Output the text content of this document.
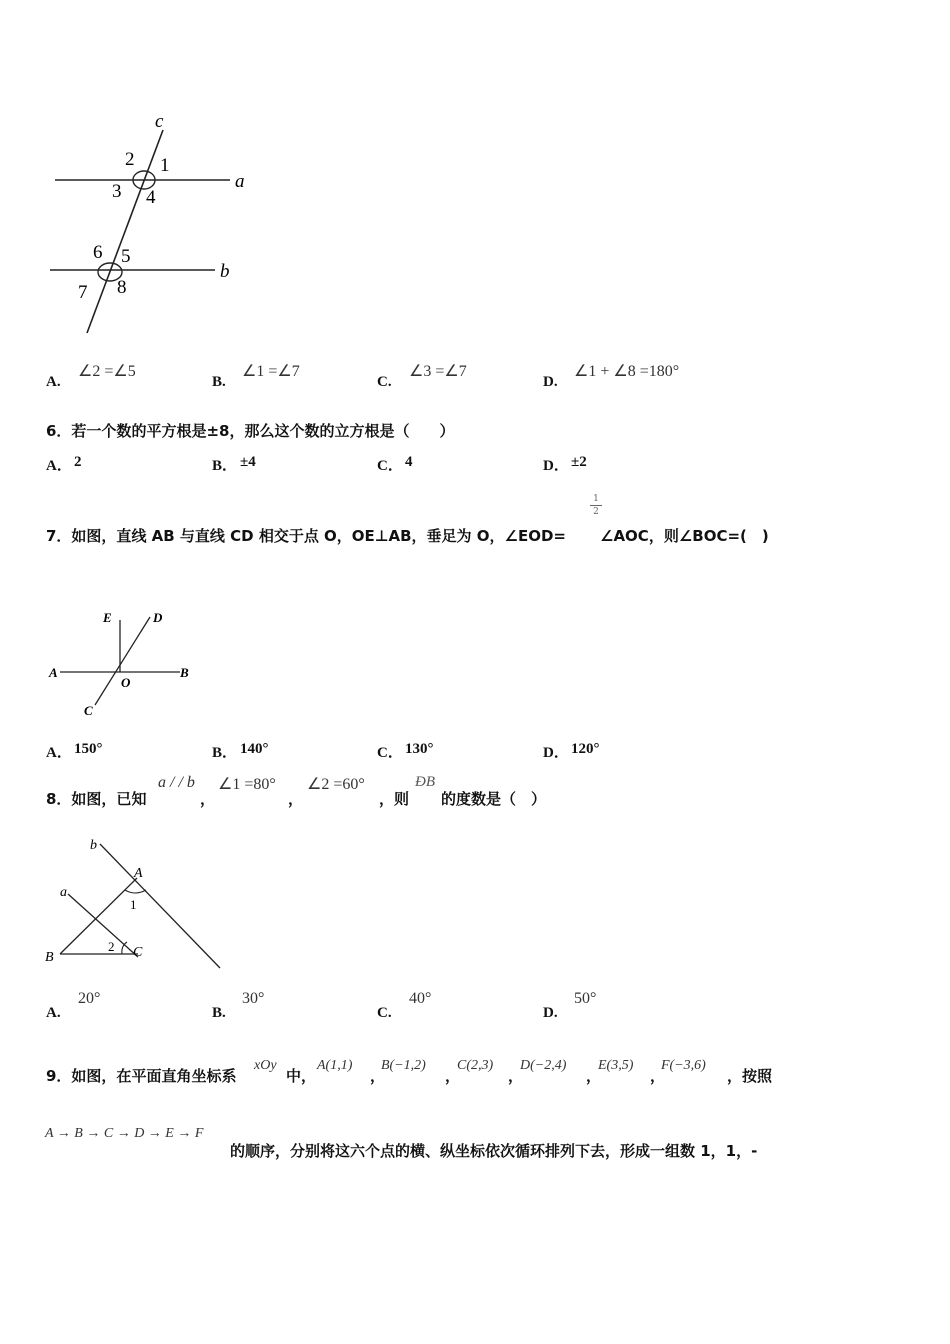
c
a
b
2 1
3 4
6 5
7 8
A.
∠2 =∠5
B.
∠1 =∠7
C.
∠3 =∠7
D.
∠1 + ∠8 =180°
6．若一个数的平方根是±8，那么这个数的立方根是（　　）
A． 2	B． ±4	C． 4	D． ±2
1
2
7．如图，直线 AB 与直线 CD 相交于点 O，OE⊥AB，垂足为 O，∠EOD= ∠AOC，则∠BOC=(　)
E	D
A
O
B
C
A． 150°	B． 140°	C． 130°	D． 120°
8．如图，已知
a / / b
，
∠1 =80°
，
∠2 =60°
，则
ÐB
的度数是（　）
b
a
A
1
2
B	C
A.
20°
B.
30°
C.
40°
D.
50°
9．如图，在平面直角坐标系
xOy
中，
A(1,1)
，
B(−1,2)
，
C(2,3)
，
D(−2,4)
，
E(3,5)
，
F(−3,6)
，按照
A → B → C → D → E → F
的顺序，分别将这六个点的横、纵坐标依次循环排列下去，形成一组数 1，1，-
